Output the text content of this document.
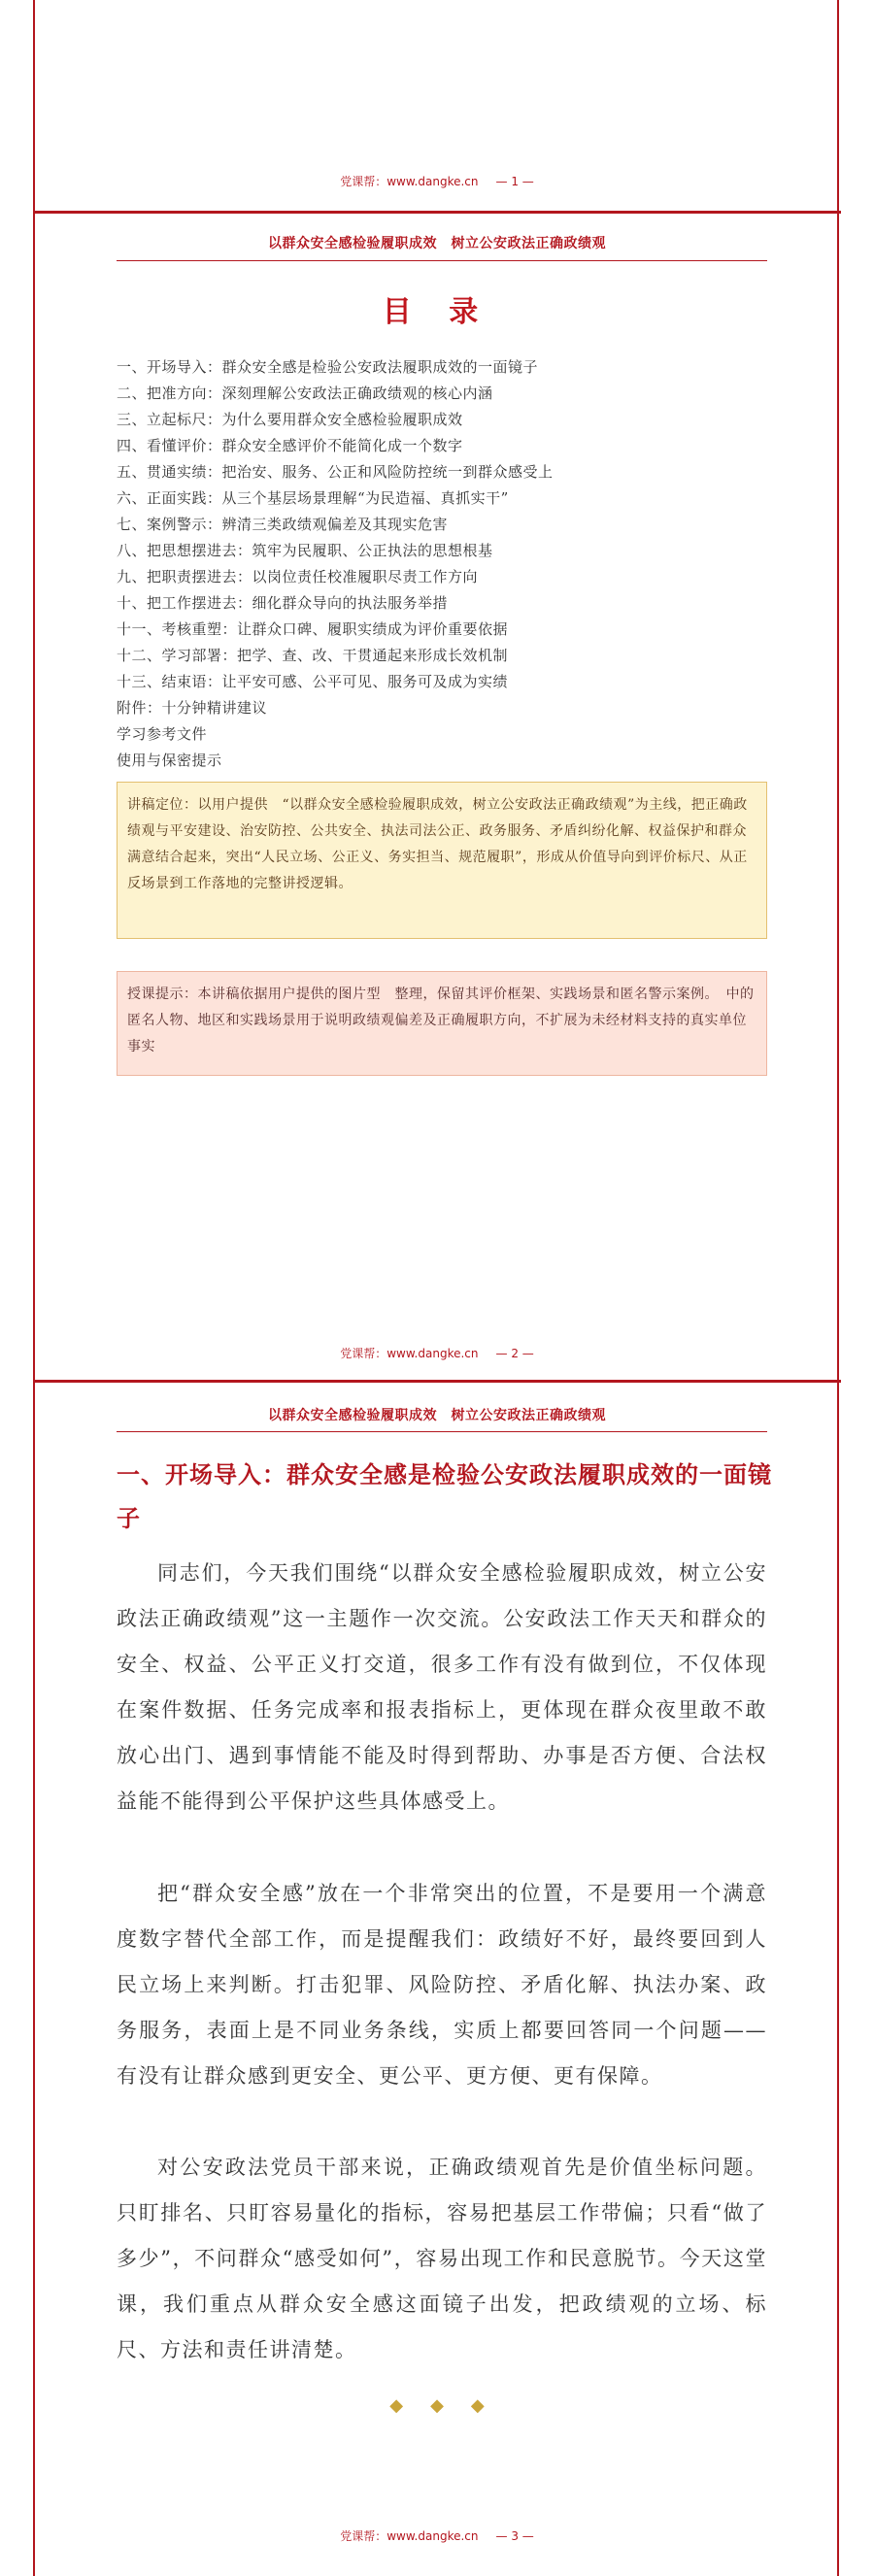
党课帮：www.dangke.cn — 1 —
以群众安全感检验履职成效　树立公安政法正确政绩观
目 录
一、开场导入：群众安全感是检验公安政法履职成效的一面镜子
二、把准方向：深刻理解公安政法正确政绩观的核心内涵
三、立起标尺：为什么要用群众安全感检验履职成效
四、看懂评价：群众安全感评价不能简化成一个数字
五、贯通实绩：把治安、服务、公正和风险防控统一到群众感受上
六、正面实践：从三个基层场景理解“为民造福、真抓实干”
七、案例警示：辨清三类政绩观偏差及其现实危害
八、把思想摆进去：筑牢为民履职、公正执法的思想根基
九、把职责摆进去：以岗位责任校准履职尽责工作方向
十、把工作摆进去：细化群众导向的执法服务举措
十一、考核重塑：让群众口碑、履职实绩成为评价重要依据
十二、学习部署：把学、查、改、干贯通起来形成长效机制
十三、结束语：让平安可感、公平可见、服务可及成为实绩
附件：十分钟精讲建议
学习参考文件
使用与保密提示
讲稿定位：以用户提供　“以群众安全感检验履职成效，树立公安政法正确政绩观”为主线，把正确政绩观与平安建设、治安防控、公共安全、执法司法公正、政务服务、矛盾纠纷化解、权益保护和群众满意结合起来，突出“人民立场、公正义、务实担当、规范履职”，形成从价值导向到评价标尺、从正反场景到工作落地的完整讲授逻辑。
授课提示：本讲稿依据用户提供的图片型　整理，保留其评价框架、实践场景和匿名警示案例。　中的匿名人物、地区和实践场景用于说明政绩观偏差及正确履职方向，不扩展为未经材料支持的真实单位事实
党课帮：www.dangke.cn — 2 —
以群众安全感检验履职成效　树立公安政法正确政绩观
一、开场导入：群众安全感是检验公安政法履职成效的一面镜子

同志们，今天我们围绕“以群众安全感检验履职成效，树立公安政法正确政绩观”这一主题作一次交流。公安政法工作天天和群众的安全、权益、公平正义打交道，很多工作有没有做到位，不仅体现在案件数据、任务完成率和报表指标上，更体现在群众夜里敢不敢放心出门、遇到事情能不能及时得到帮助、办事是否方便、合法权益能不能得到公平保护这些具体感受上。

把“群众安全感”放在一个非常突出的位置，不是要用一个满意度数字替代全部工作，而是提醒我们：政绩好不好，最终要回到人民立场上来判断。打击犯罪、风险防控、矛盾化解、执法办案、政务服务，表面上是不同业务条线，实质上都要回答同一个问题——有没有让群众感到更安全、更公平、更方便、更有保障。

对公安政法党员干部来说，正确政绩观首先是价值坐标问题。只盯排名、只盯容易量化的指标，容易把基层工作带偏；只看“做了多少”，不问群众“感受如何”，容易出现工作和民意脱节。今天这堂课，我们重点从群众安全感这面镜子出发，把政绩观的立场、标尺、方法和责任讲清楚。

◆ ◆ ◆
党课帮：www.dangke.cn — 3 —
